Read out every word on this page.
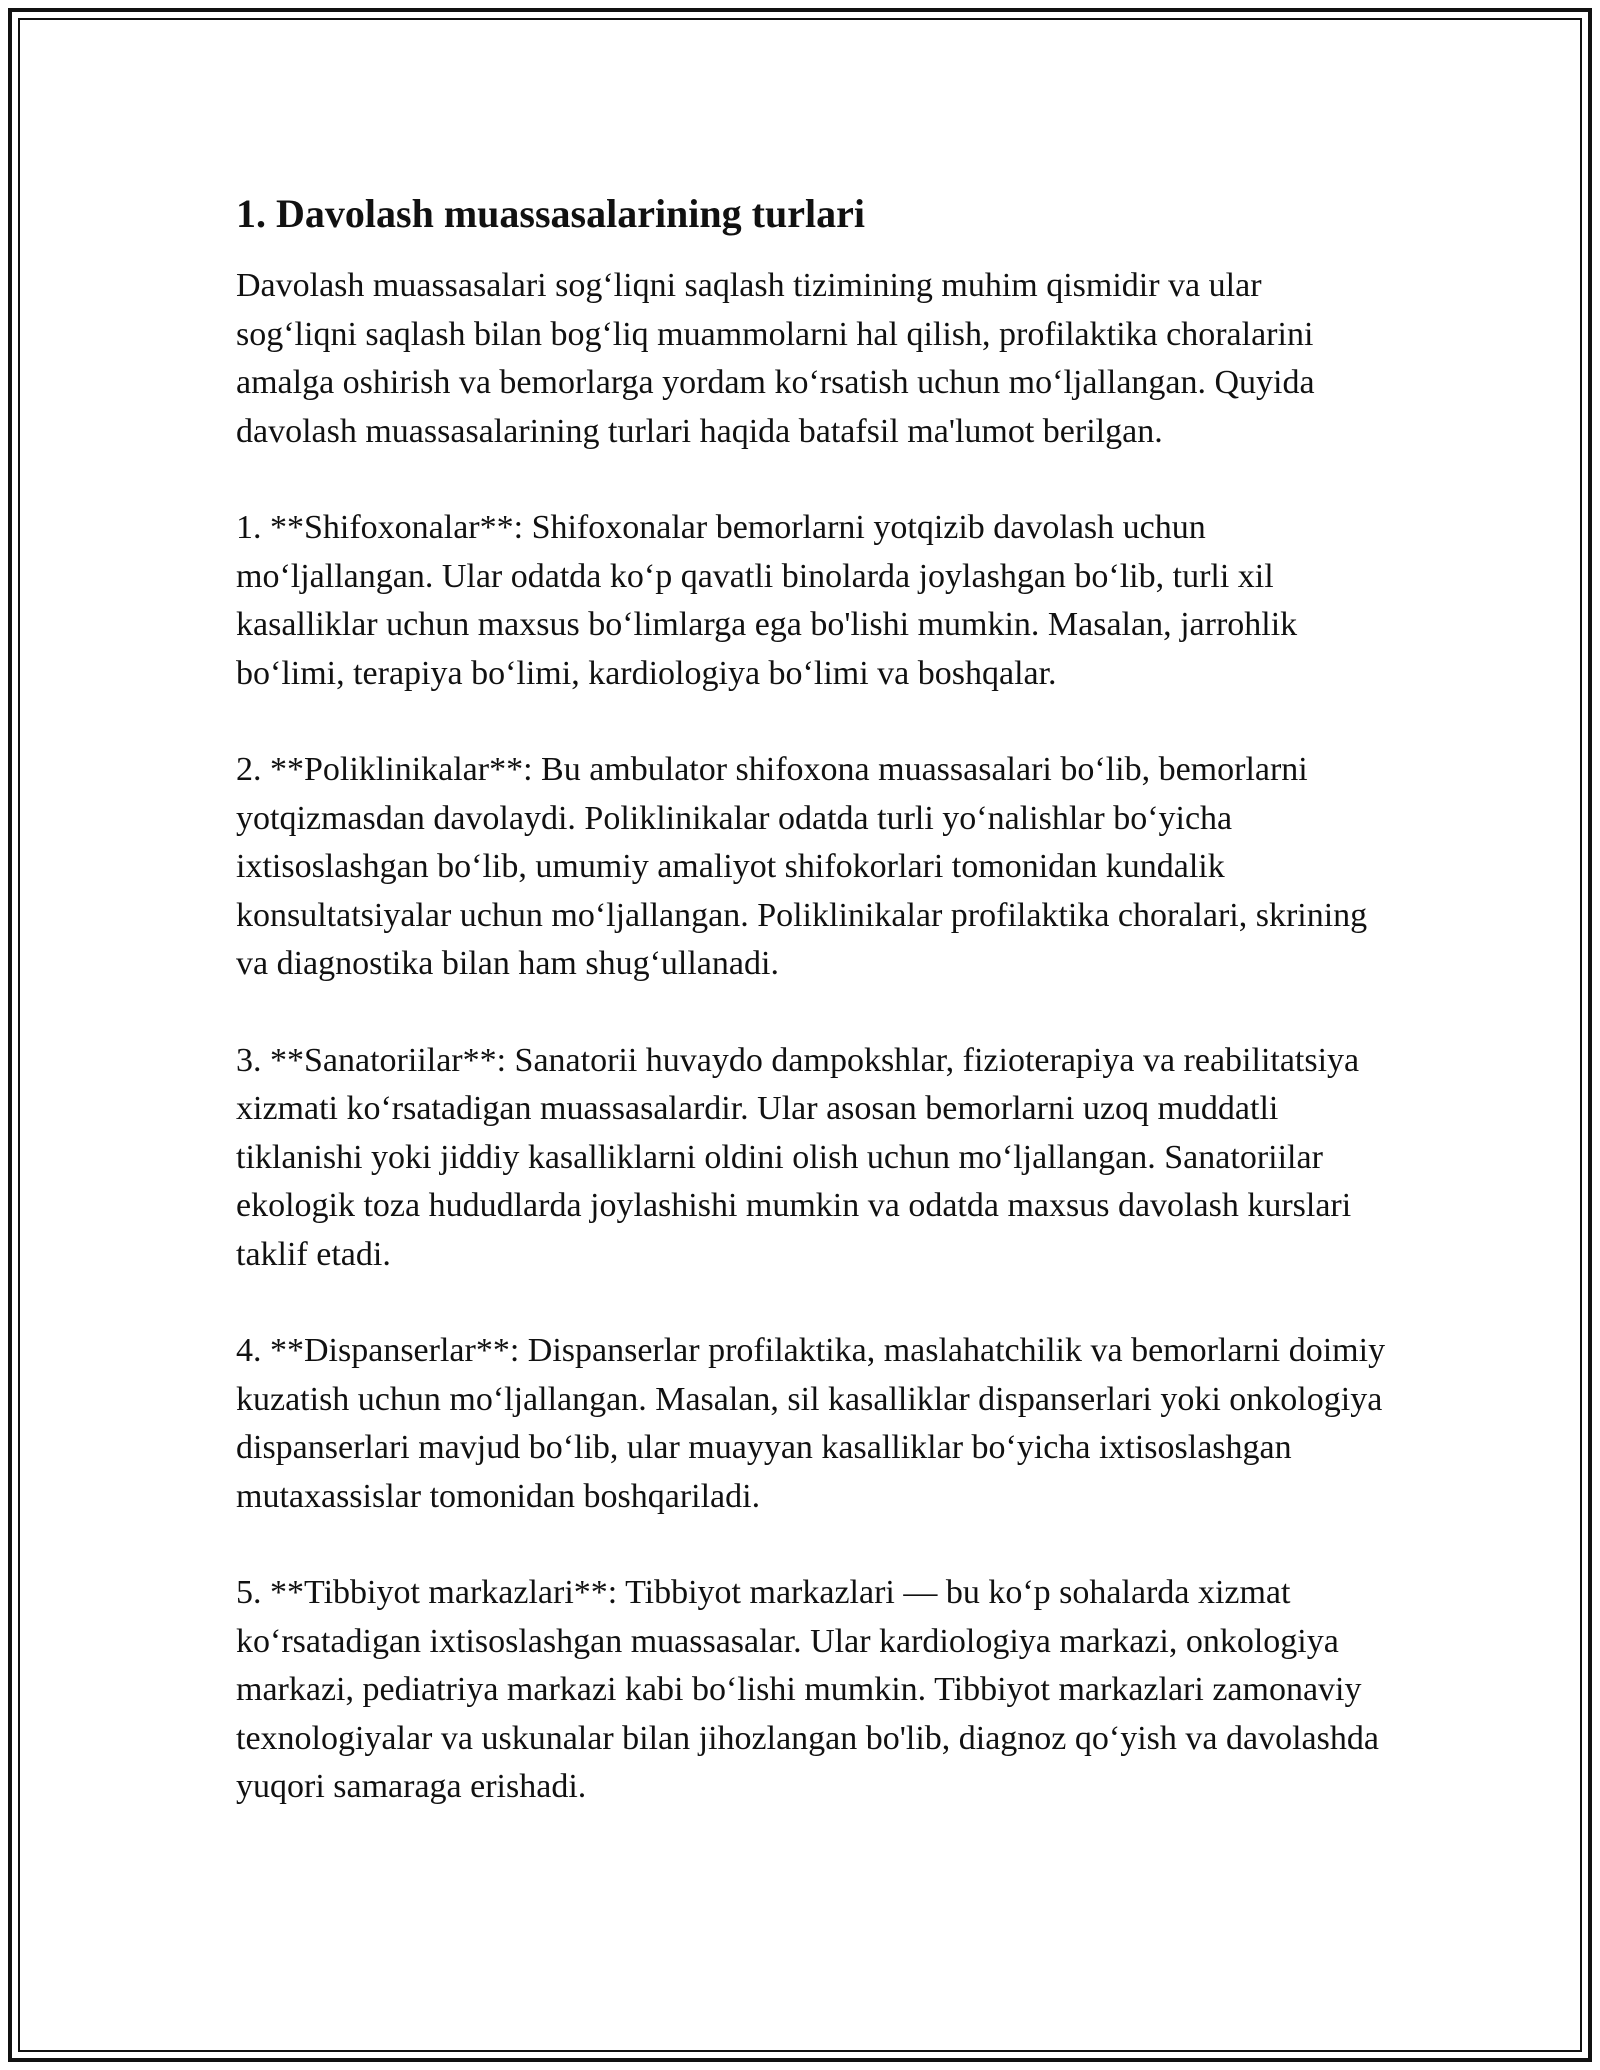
1. Davolash muassasalarining turlari

Davolash muassasalari sog‘liqni saqlash tizimining muhim qismidir va ular sog‘liqni saqlash bilan bog‘liq muammolarni hal qilish, profilaktika choralarini amalga oshirish va bemorlarga yordam ko‘rsatish uchun mo‘ljallangan. Quyida davolash muassasalarining turlari haqida batafsil ma'lumot berilgan.

1. **Shifoxonalar**: Shifoxonalar bemorlarni yotqizib davolash uchun mo‘ljallangan. Ular odatda ko‘p qavatli binolarda joylashgan bo‘lib, turli xil kasalliklar uchun maxsus bo‘limlarga ega bo'lishi mumkin. Masalan, jarrohlik bo‘limi, terapiya bo‘limi, kardiologiya bo‘limi va boshqalar.

2. **Poliklinikalar**: Bu ambulator shifoxona muassasalari bo‘lib, bemorlarni yotqizmasdan davolaydi. Poliklinikalar odatda turli yo‘nalishlar bo‘yicha ixtisoslashgan bo‘lib, umumiy amaliyot shifokorlari tomonidan kundalik konsultatsiyalar uchun mo‘ljallangan. Poliklinikalar profilaktika choralari, skrining va diagnostika bilan ham shug‘ullanadi.

3. **Sanatoriilar**: Sanatorii huvaydo dampokshlar, fizioterapiya va reabilitatsiya xizmati ko‘rsatadigan muassasalardir. Ular asosan bemorlarni uzoq muddatli tiklanishi yoki jiddiy kasalliklarni oldini olish uchun mo‘ljallangan. Sanatoriilar ekologik toza hududlarda joylashishi mumkin va odatda maxsus davolash kurslari taklif etadi.

4. **Dispanserlar**: Dispanserlar profilaktika, maslahatchilik va bemorlarni doimiy kuzatish uchun mo‘ljallangan. Masalan, sil kasalliklar dispanserlari yoki onkologiya dispanserlari mavjud bo‘lib, ular muayyan kasalliklar bo‘yicha ixtisoslashgan mutaxassislar tomonidan boshqariladi.

5. **Tibbiyot markazlari**: Tibbiyot markazlari — bu ko‘p sohalarda xizmat ko‘rsatadigan ixtisoslashgan muassasalar. Ular kardiologiya markazi, onkologiya markazi, pediatriya markazi kabi bo‘lishi mumkin. Tibbiyot markazlari zamonaviy texnologiyalar va uskunalar bilan jihozlangan bo'lib, diagnoz qo‘yish va davolashda yuqori samaraga erishadi.
